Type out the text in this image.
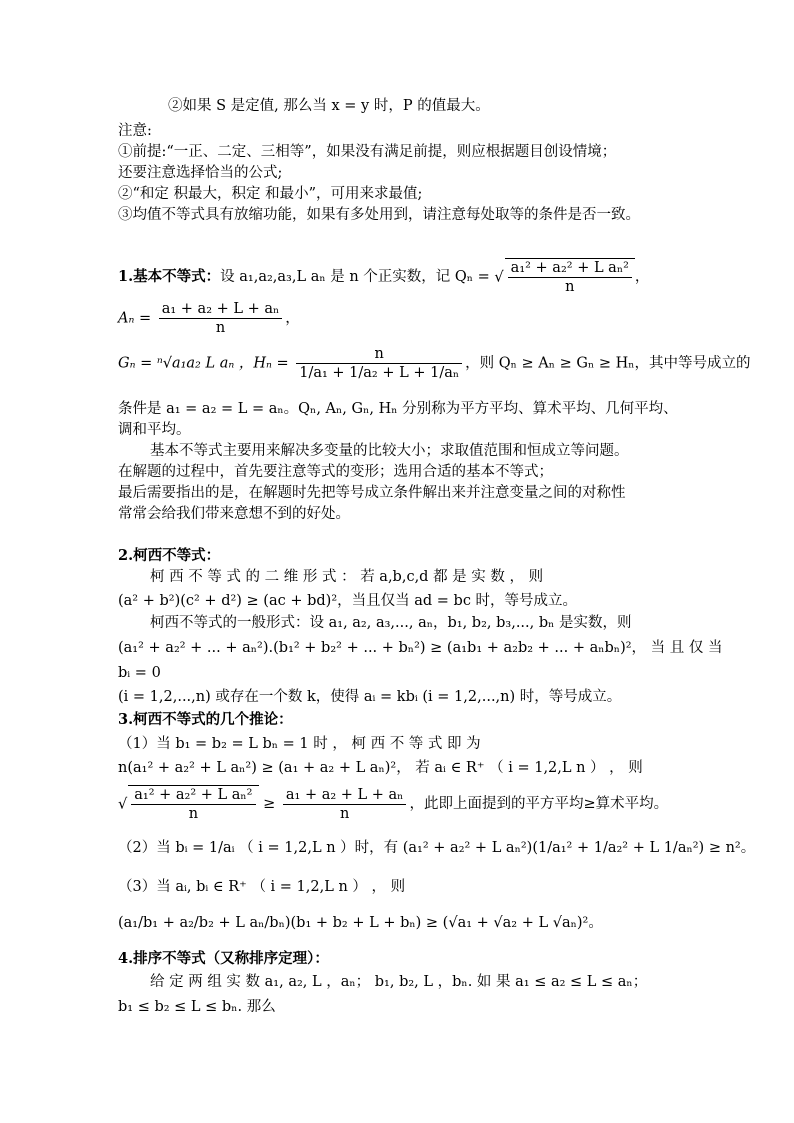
②如果 S 是定值, 那么当 x = y 时，P 的值最大。
注意:
①前提:“一正、二定、三相等”，如果没有满足前提，则应根据题目创设情境；
还要注意选择恰当的公式;
②“和定 积最大，积定 和最小”，可用来求最值;
③均值不等式具有放缩功能，如果有多处用到，请注意每处取等的条件是否一致。
1.基本不等式：设 a₁,a₂,a₃,L aₙ 是 n 个正实数，记 Qₙ = √ $\frac{\text{a₁² + a₂² + L aₙ²}}{n}$ ，
$A_n = \frac{\text{a₁ + a₂ + L + aₙ}}{n}$ ，
Gₙ = ⁿ√a₁a₂ L aₙ ，$H_n = \frac{n}{\text{1/a₁ + 1/a₂ + L + 1/aₙ}}$ ，则 Qₙ ≥ Aₙ ≥ Gₙ ≥ Hₙ，其中等号成立的
条件是 a₁ = a₂ = L = aₙ。Qₙ, Aₙ, Gₙ, Hₙ 分别称为平方平均、算术平均、几何平均、
调和平均。
基本不等式主要用来解决多变量的比较大小；求取值范围和恒成立等问题。
在解题的过程中，首先要注意等式的变形；选用合适的基本不等式；
最后需要指出的是，在解题时先把等号成立条件解出来并注意变量之间的对称性
常常会给我们带来意想不到的好处。
2.柯西不等式：
柯 西 不 等 式 的 二 维 形 式 ： 若 a,b,c,d 都 是 实 数 ， 则
(a² + b²)(c² + d²) ≥ (ac + bd)²，当且仅当 ad = bc 时，等号成立。
柯西不等式的一般形式：设 a₁, a₂, a₃,..., aₙ，b₁, b₂, b₃,..., bₙ 是实数，则
(a₁² + a₂² + ... + aₙ²).(b₁² + b₂² + ... + bₙ²) ≥ (a₁b₁ + a₂b₂ + ... + aₙbₙ)²， 当 且 仅 当
bᵢ = 0
(i = 1,2,...,n) 或存在一个数 k，使得 aᵢ = kbᵢ (i = 1,2,...,n) 时，等号成立。
3.柯西不等式的几个推论：
（1）当 b₁ = b₂ = L bₙ = 1 时 ， 柯 西 不 等 式 即 为
n(a₁² + a₂² + L aₙ²) ≥ (a₁ + a₂ + L aₙ)²， 若 aᵢ ∈ R⁺ （ i = 1,2,L n ） ， 则
√ $\frac{\text{a₁² + a₂² + L aₙ²}}{n} \ge \frac{\text{a₁ + a₂ + L + aₙ}}{n}$ ，此即上面提到的平方平均≥算术平均。
（2）当 bᵢ = 1/aᵢ （ i = 1,2,L n ）时，有 (a₁² + a₂² + L aₙ²)(1/a₁² + 1/a₂² + L 1/aₙ²) ≥ n²。
（3）当 aᵢ, bᵢ ∈ R⁺ （ i = 1,2,L n ） ， 则
(a₁/b₁ + a₂/b₂ + L aₙ/bₙ)(b₁ + b₂ + L + bₙ) ≥ (√a₁ + √a₂ + L √aₙ)²。
4.排序不等式（又称排序定理）：
给 定 两 组 实 数 a₁, a₂, L ，aₙ； b₁, b₂, L ，bₙ. 如 果 a₁ ≤ a₂ ≤ L ≤ aₙ；
b₁ ≤ b₂ ≤ L ≤ bₙ. 那么
